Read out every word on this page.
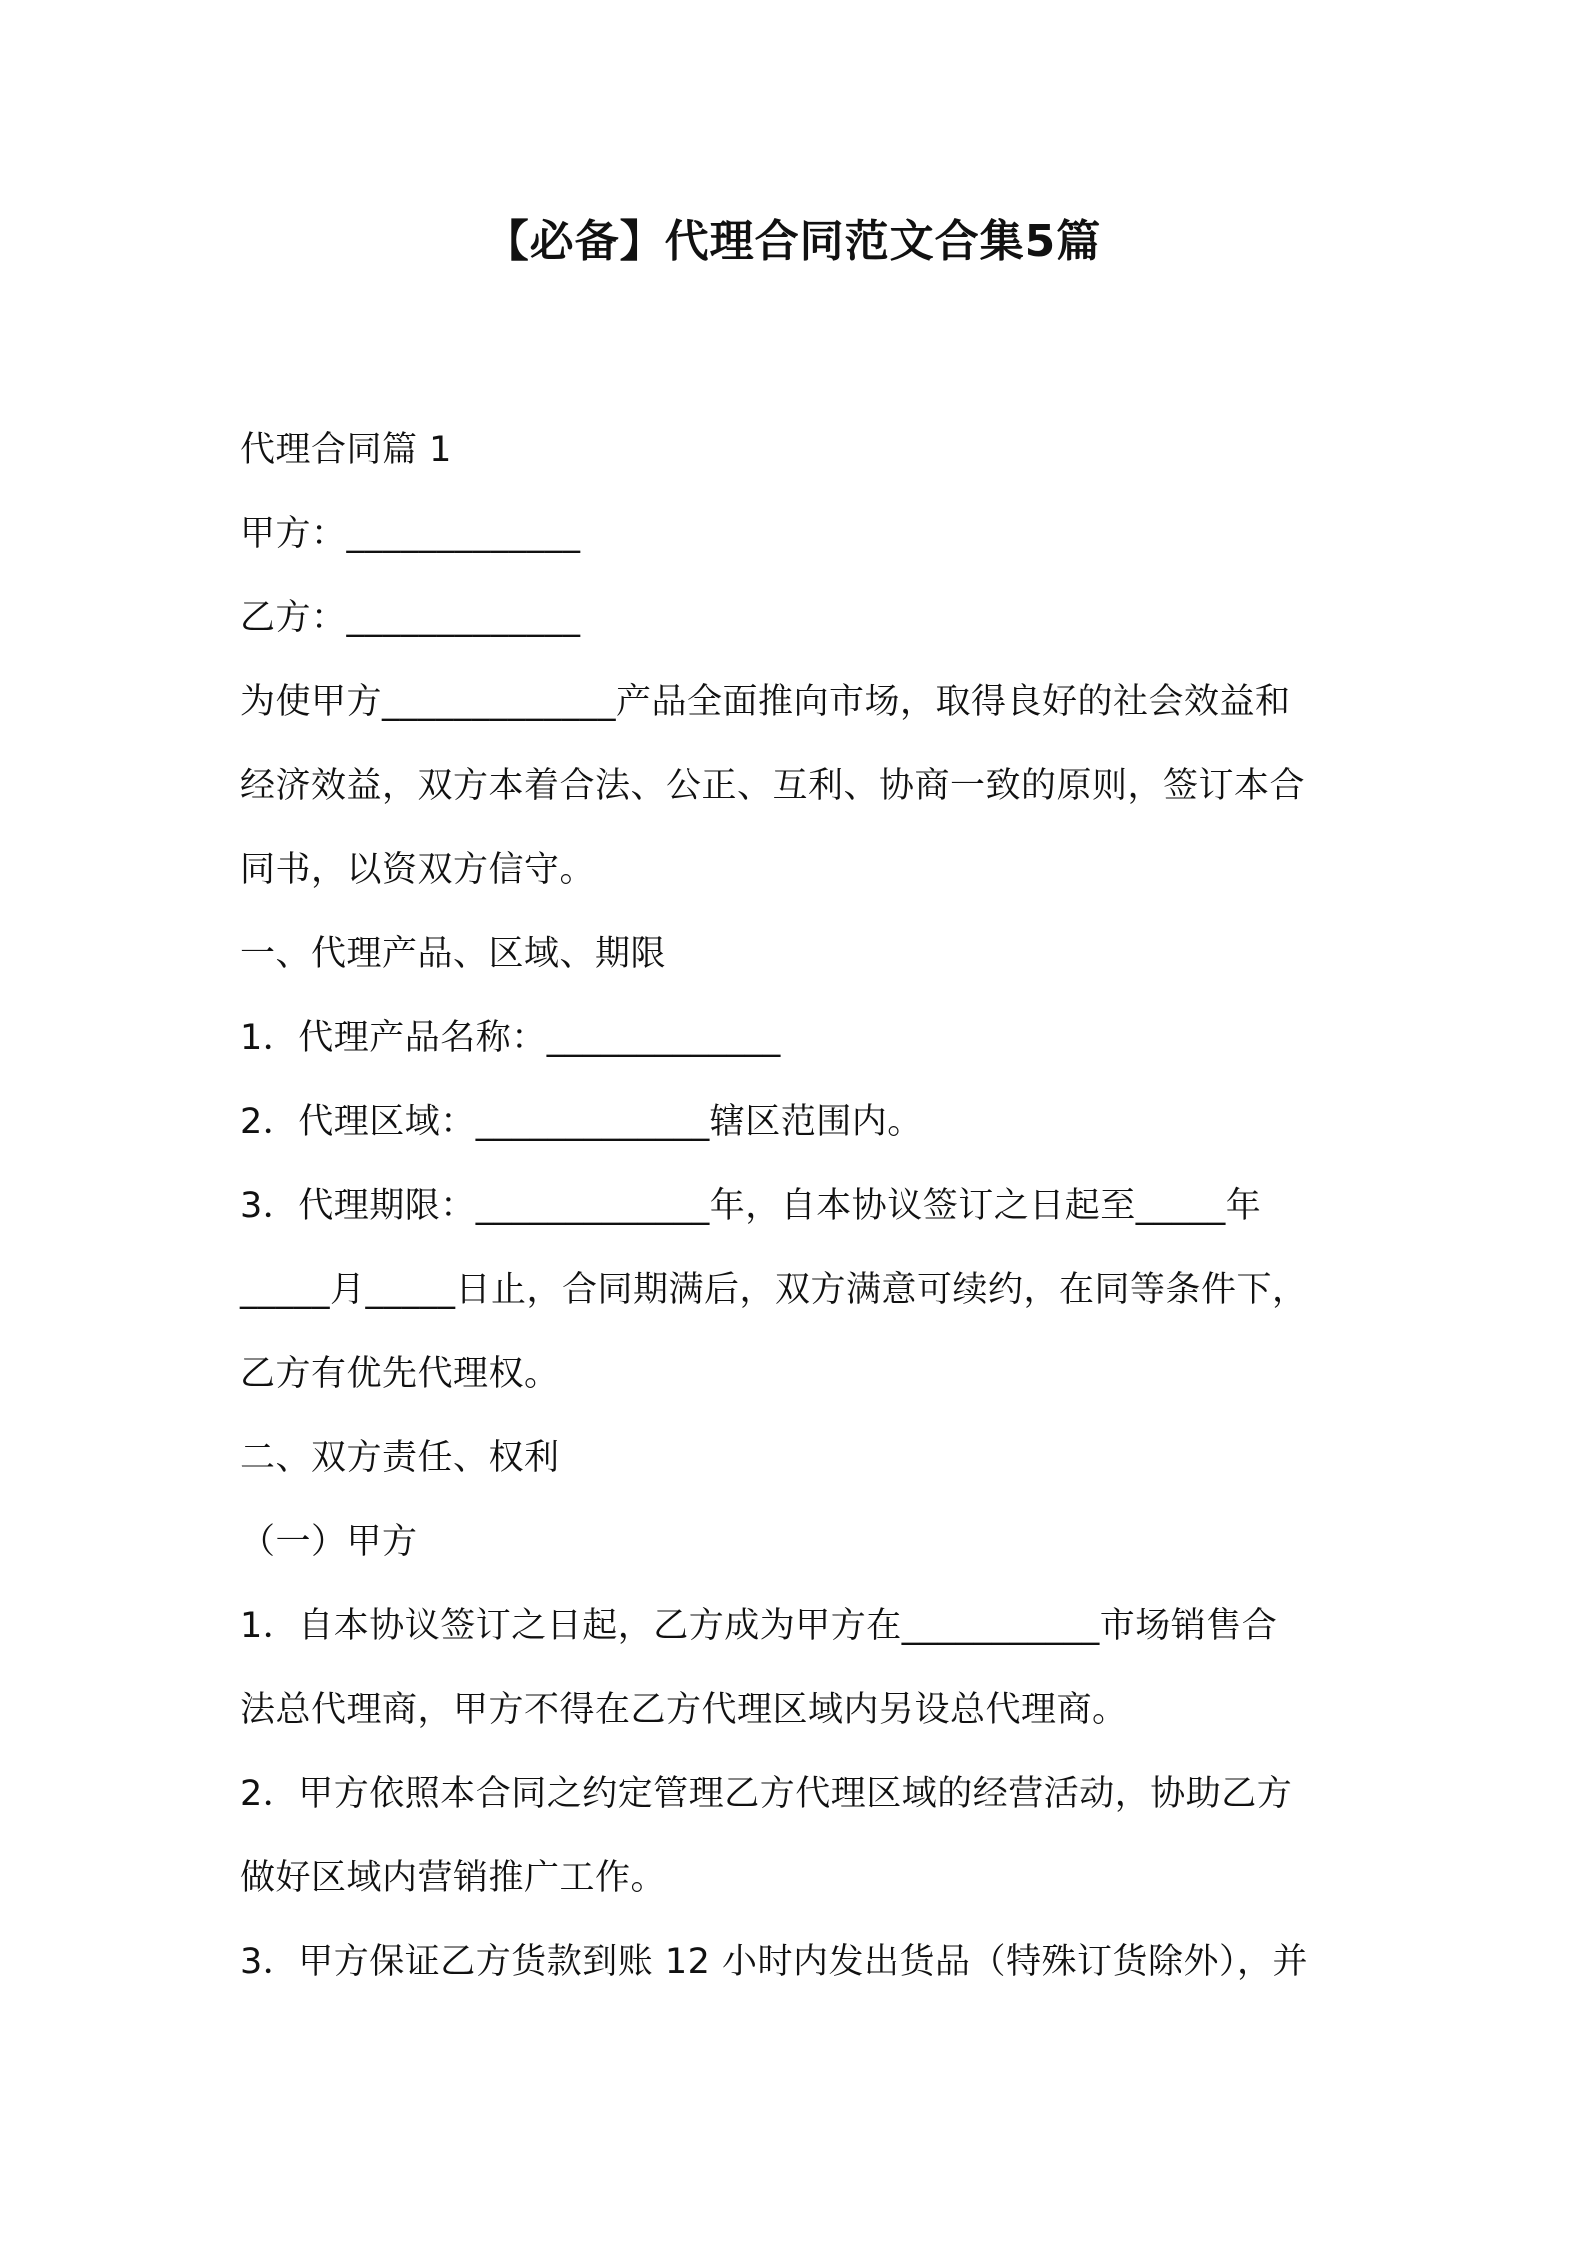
【必备】代理合同范文合集5篇
代理合同篇 1
甲方：_____________
乙方：_____________
为使甲方_____________产品全面推向市场，取得良好的社会效益和
经济效益，双方本着合法、公正、互利、协商一致的原则，签订本合
同书，以资双方信守。
一、代理产品、区域、期限
1．代理产品名称：_____________
2．代理区域：_____________辖区范围内。
3．代理期限：_____________年，自本协议签订之日起至_____年
_____月_____日止，合同期满后，双方满意可续约，在同等条件下，
乙方有优先代理权。
二、双方责任、权利
（一）甲方
1．自本协议签订之日起，乙方成为甲方在___________市场销售合
法总代理商，甲方不得在乙方代理区域内另设总代理商。
2．甲方依照本合同之约定管理乙方代理区域的经营活动，协助乙方
做好区域内营销推广工作。
3．甲方保证乙方货款到账 12 小时内发出货品（特殊订货除外），并
